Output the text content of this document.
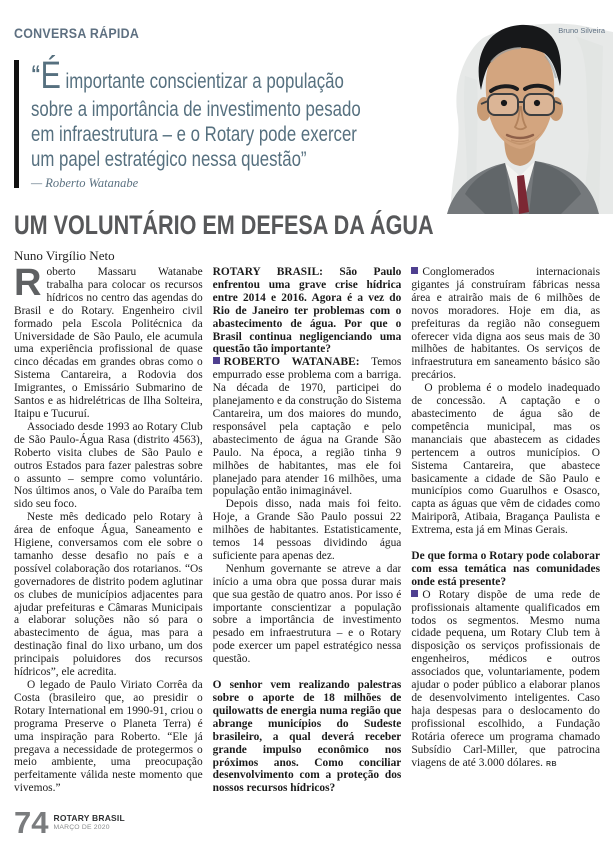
CONVERSA RÁPIDA	Bruno Silveira
“É importante conscientizar a população
sobre a importância de investimento pesado
em infraestrutura – e o Rotary pode exercer
um papel estratégico nessa questão”
— Roberto Watanabe
UM VOLUNTÁRIO EM DEFESA DA ÁGUA
Nuno Virgílio Neto

Roberto Massaru Watanabe trabalha para colocar os recursos hídricos no centro das agendas do Brasil e do Rotary. Engenheiro civil formado pela Escola Politécnica da Universidade de São Paulo, ele acumula uma experiência profissional de quase cinco décadas em grandes obras como o Sistema Cantareira, a Rodovia dos Imigrantes, o Emissário Submarino de Santos e as hidrelétricas de Ilha Solteira, Itaipu e Tucuruí.

Associado desde 1993 ao Rotary Club de São Paulo-Água Rasa (distrito 4563), Roberto visita clubes de São Paulo e outros Estados para fazer palestras sobre o assunto – sempre como voluntário. Nos últimos anos, o Vale do Paraíba tem sido seu foco.

Neste mês dedicado pelo Rotary à área de enfoque Água, Saneamento e Higiene, conversamos com ele sobre o tamanho desse desafio no país e a possível colaboração dos rotarianos. “Os governadores de distrito podem aglutinar os clubes de municípios adjacentes para ajudar prefeituras e Câmaras Municipais a elaborar soluções não só para o abastecimento de água, mas para a destinação final do lixo urbano, um dos principais poluidores dos recursos hídricos”, ele acredita.

O legado de Paulo Viriato Corrêa da Costa (brasileiro que, ao presidir o Rotary International em 1990-91, criou o programa Preserve o Planeta Terra) é uma inspiração para Roberto. “Ele já pregava a necessidade de protegermos o meio ambiente, uma preocupação perfeitamente válida neste momento que vivemos.”

ROTARY BRASIL: São Paulo enfrentou uma grave crise hídrica entre 2014 e 2016. Agora é a vez do Rio de Janeiro ter problemas com o abastecimento de água. Por que o Brasil continua negligenciando uma questão tão importante?

ROBERTO WATANABE: Temos empurrado esse problema com a barriga. Na década de 1970, participei do planejamento e da construção do Sistema Cantareira, um dos maiores do mundo, responsável pela captação e pelo abastecimento de água na Grande São Paulo. Na época, a região tinha 9 milhões de habitantes, mas ele foi planejado para atender 16 milhões, uma população então inimaginável.

Depois disso, nada mais foi feito. Hoje, a Grande São Paulo possui 22 milhões de habitantes. Estatisticamente, temos 14 pessoas dividindo água suficiente para apenas dez.

Nenhum governante se atreve a dar início a uma obra que possa durar mais que sua gestão de quatro anos. Por isso é importante conscientizar a população sobre a importância de investimento pesado em infraestrutura – e o Rotary pode exercer um papel estratégico nessa questão.

O senhor vem realizando palestras sobre o aporte de 18 milhões de quilowatts de energia numa região que abrange municípios do Sudeste brasileiro, a qual deverá receber grande impulso econômico nos próximos anos. Como conciliar desenvolvimento com a proteção dos nossos recursos hídricos?

Conglomerados internacionais gigantes já construíram fábricas nessa área e atrairão mais de 6 milhões de novos moradores. Hoje em dia, as prefeituras da região não conseguem oferecer vida digna aos seus mais de 30 milhões de habitantes. Os serviços de infraestrutura em saneamento básico são precários.

O problema é o modelo inadequado de concessão. A captação e o abastecimento de água são de competência municipal, mas os mananciais que abastecem as cidades pertencem a outros municípios. O Sistema Cantareira, que abastece basicamente a cidade de São Paulo e municípios como Guarulhos e Osasco, capta as águas que vêm de cidades como Mairiporã, Atibaia, Bragança Paulista e Extrema, esta já em Minas Gerais.

De que forma o Rotary pode colaborar com essa temática nas comunidades onde está presente?

O Rotary dispõe de uma rede de profissionais altamente qualificados em todos os segmentos. Mesmo numa cidade pequena, um Rotary Club tem à disposição os serviços profissionais de engenheiros, médicos e outros associados que, voluntariamente, podem ajudar o poder público a elaborar planos de desenvolvimento inteligentes. Caso haja despesas para o deslocamento do profissional escolhido, a Fundação Rotária oferece um programa chamado Subsídio Carl-Miller, que patrocina viagens de até 3.000 dólares. RB

74 ROTARY BRASIL
MARÇO DE 2020
